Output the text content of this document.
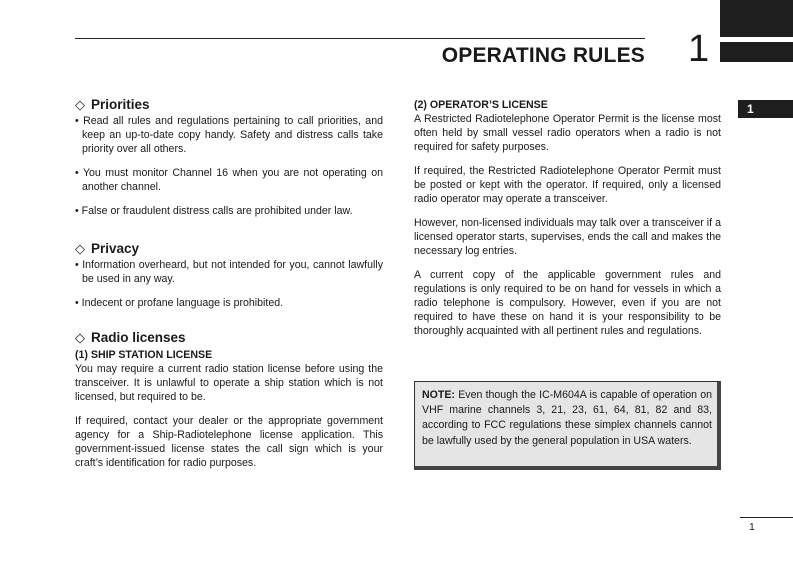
1
OPERATING RULES 1
◇ Priorities

• Read all rules and regulations pertaining to call priorities, and keep an up-to-date copy handy. Safety and distress calls take priority over all others.

• You must monitor Channel 16 when you are not operating on another channel.

• False or fraudulent distress calls are prohibited under law.

◇ Privacy

• Information overheard, but not intended for you, cannot lawfully be used in any way.

• Indecent or profane language is prohibited.

◇ Radio licenses
(1) SHIP STATION LICENSE

You may require a current radio station license before using the transceiver. It is unlawful to operate a ship station which is not licensed, but required to be.

If required, contact your dealer or the appropriate government agency for a Ship-Radiotelephone license application. This government-issued license states the call sign which is your craft’s identification for radio purposes.

(2) OPERATOR’S LICENSE

A Restricted Radiotelephone Operator Permit is the license most often held by small vessel radio operators when a radio is not required for safety purposes.

If required, the Restricted Radiotelephone Operator Permit must be posted or kept with the operator. If required, only a licensed radio operator may operate a transceiver.

However, non-licensed individuals may talk over a transceiver if a licensed operator starts, supervises, ends the call and makes the necessary log entries.

A current copy of the applicable government rules and regulations is only required to be on hand for vessels in which a radio telephone is compulsory. However, even if you are not required to have these on hand it is your responsibility to be thoroughly acquainted with all pertinent rules and regulations.

NOTE: Even though the IC-M604A is capable of operation on VHF marine channels 3, 21, 23, 61, 64, 81, 82 and 83, according to FCC regulations these simplex channels cannot be lawfully used by the general population in USA waters.
1
